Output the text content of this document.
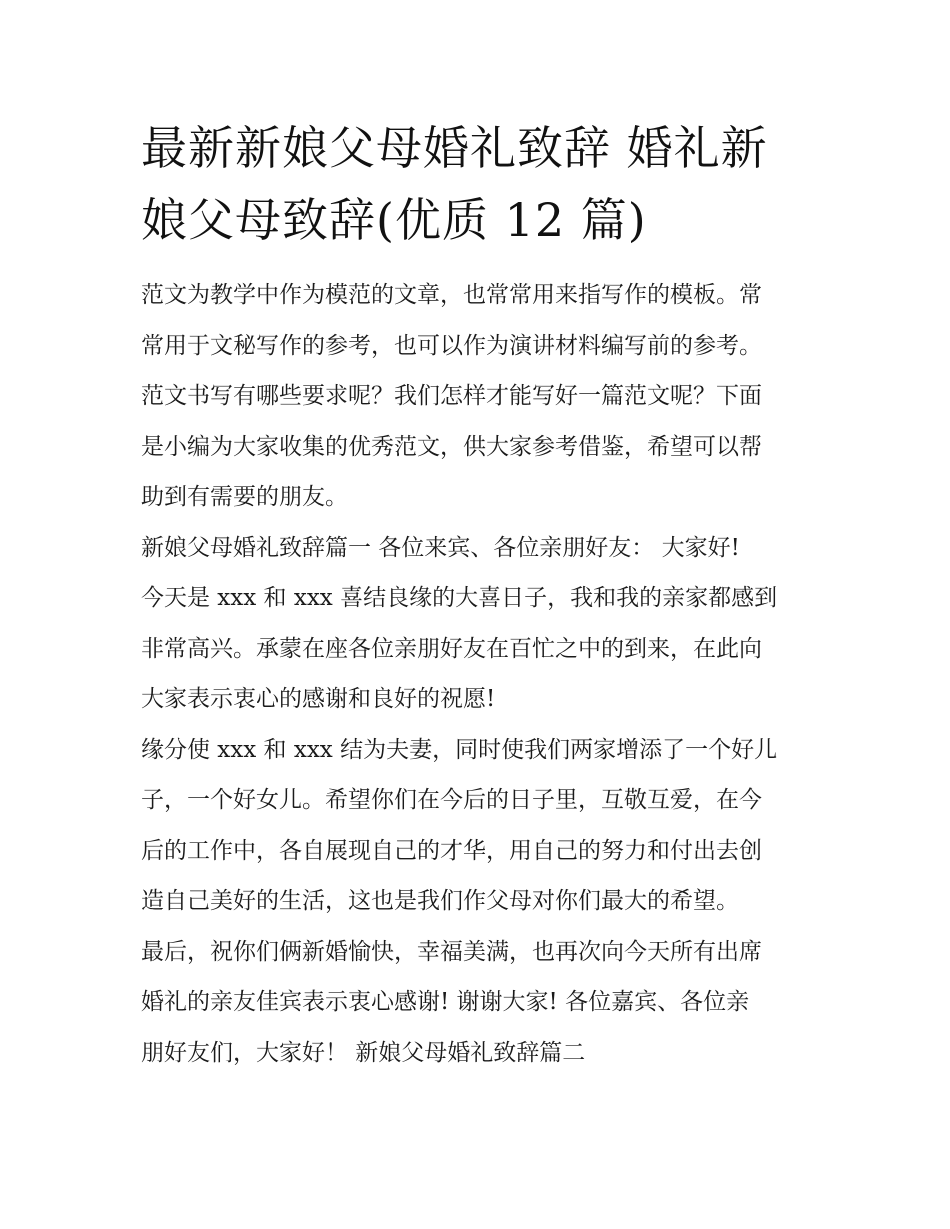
最新新娘父母婚礼致辞 婚礼新
娘父母致辞(优质 12 篇)

范文为教学中作为模范的文章，也常常用来指写作的模板。常
常用于文秘写作的参考，也可以作为演讲材料编写前的参考。
范文书写有哪些要求呢？我们怎样才能写好一篇范文呢？下面
是小编为大家收集的优秀范文，供大家参考借鉴，希望可以帮
助到有需要的朋友。

新娘父母婚礼致辞篇一 各位来宾、各位亲朋好友： 大家好!
今天是 xxx 和 xxx 喜结良缘的大喜日子，我和我的亲家都感到
非常高兴。承蒙在座各位亲朋好友在百忙之中的到来，在此向
大家表示衷心的感谢和良好的祝愿!

缘分使 xxx 和 xxx 结为夫妻，同时使我们两家增添了一个好儿
子，一个好女儿。希望你们在今后的日子里，互敬互爱，在今
后的工作中，各自展现自己的才华，用自己的努力和付出去创
造自己美好的生活，这也是我们作父母对你们最大的希望。

最后，祝你们俩新婚愉快，幸福美满，也再次向今天所有出席
婚礼的亲友佳宾表示衷心感谢! 谢谢大家! 各位嘉宾、各位亲
朋好友们，大家好！ 新娘父母婚礼致辞篇二
